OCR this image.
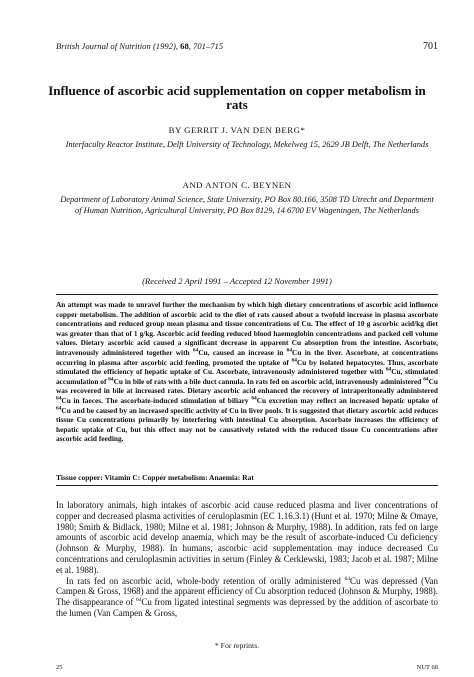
British Journal of Nutrition (1992), 68, 701–715	701
Influence of ascorbic acid supplementation on copper metabolism in rats
BY GERRIT J. VAN DEN BERG*
Interfaculty Reactor Institute, Delft University of Technology, Mekelweg 15, 2629 JB Delft, The Netherlands
AND ANTON C. BEYNEN
Department of Laboratory Animal Science, State University, PO Box 80.166, 3508 TD Utrecht and Department of Human Nutrition, Agricultural University, PO Box 8129, 14 6700 EV Wageningen, The Netherlands
(Received 2 April 1991 – Accepted 12 November 1991)
An attempt was made to unravel further the mechanism by which high dietary concentrations of ascorbic acid influence copper metabolism. The addition of ascorbic acid to the diet of rats caused about a twofold increase in plasma ascorbate concentrations and reduced group mean plasma and tissue concentrations of Cu. The effect of 10 g ascorbic acid/kg diet was greater than that of 1 g/kg. Ascorbic acid feeding reduced blood haemoglobin concentrations and packed cell volume values. Dietary ascorbic acid caused a significant decrease in apparent Cu absorption from the intestine. Ascorbate, intravenously administered together with $^{64}$Cu, caused an increase in $^{64}$Cu in the liver. Ascorbate, at concentrations occurring in plasma after ascorbic acid feeding, promoted the uptake of $^{64}$Cu by isolated hepatocytes. Thus, ascorbate stimulated the efficiency of hepatic uptake of Cu. Ascorbate, intravenously administered together with $^{64}$Cu, stimulated accumulation of $^{64}$Cu in bile of rats with a bile duct cannula. In rats fed on ascorbic acid, intravenously administered $^{64}$Cu was recovered in bile at increased rates. Dietary ascorbic acid enhanced the recovery of intraperitoneally administered $^{64}$Cu in faeces. The ascorbate-induced stimulation of biliary $^{64}$Cu excretion may reflect an increased hepatic uptake of $^{64}$Cu and be caused by an increased specific activity of Cu in liver pools. It is suggested that dietary ascorbic acid reduces tissue Cu concentrations primarily by interfering with intestinal Cu absorption. Ascorbate increases the efficiency of hepatic uptake of Cu, but this effect may not be causatively related with the reduced tissue Cu concentrations after ascorbic acid feeding.
Tissue copper: Vitamin C: Copper metabolism: Anaemia: Rat

In laboratory animals, high intakes of ascorbic acid cause reduced plasma and liver concentrations of copper and decreased plasma activities of ceruloplasmin (EC 1.16.3.1) (Hunt et al. 1970; Milne & Omaye, 1980; Smith & Bidlack, 1980; Milne et al. 1981; Johnson & Murphy, 1988). In addition, rats fed on large amounts of ascorbic acid develop anaemia, which may be the result of ascorbate-induced Cu deficiency (Johnson & Murphy, 1988). In humans, ascorbic acid supplementation may induce decreased Cu concentrations and ceruloplasmin activities in serum (Finley & Cerklewski, 1983; Jacob et al. 1987; Milne et al. 1988).

In rats fed on ascorbic acid, whole-body retention of orally administered $^{64}$Cu was depressed (Van Campen & Gross, 1968) and the apparent efficiency of Cu absorption reduced (Johnson & Murphy, 1988). The disappearance of $^{64}$Cu from ligated intestinal segments was depressed by the addition of ascorbate to the lumen (Van Campen & Gross,

* For reprints.
25	NUT 68
